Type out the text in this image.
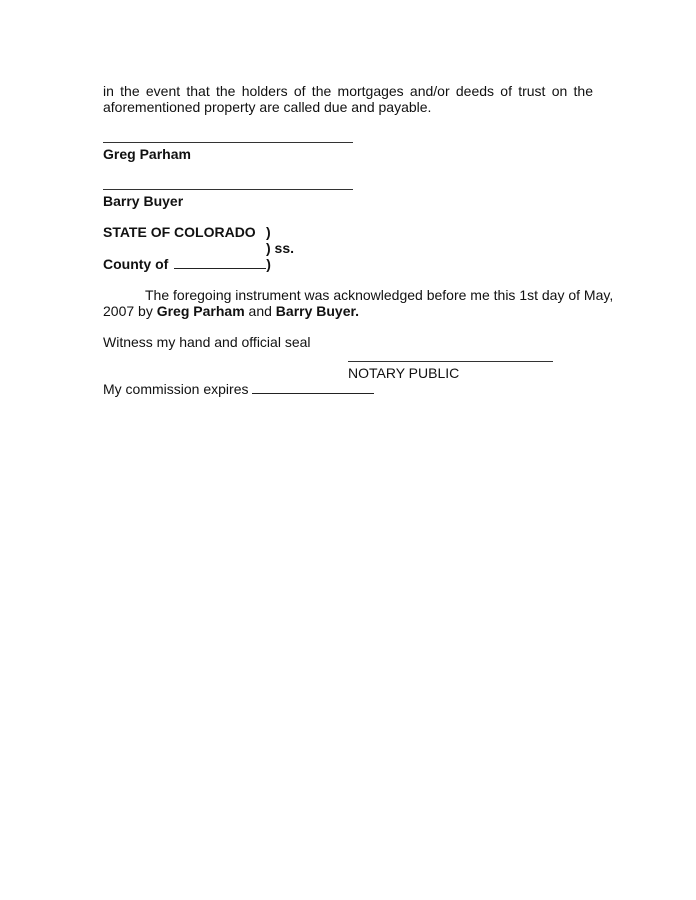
in the event that the holders of the mortgages and/or deeds of trust on the
aforementioned property are called due and payable.
Greg Parham
Barry Buyer
STATE OF COLORADO )
) ss.
County of	)
The foregoing instrument was acknowledged before me this 1st day of May,
2007 by Greg Parham and Barry Buyer.
Witness my hand and official seal
NOTARY PUBLIC
My commission expires
